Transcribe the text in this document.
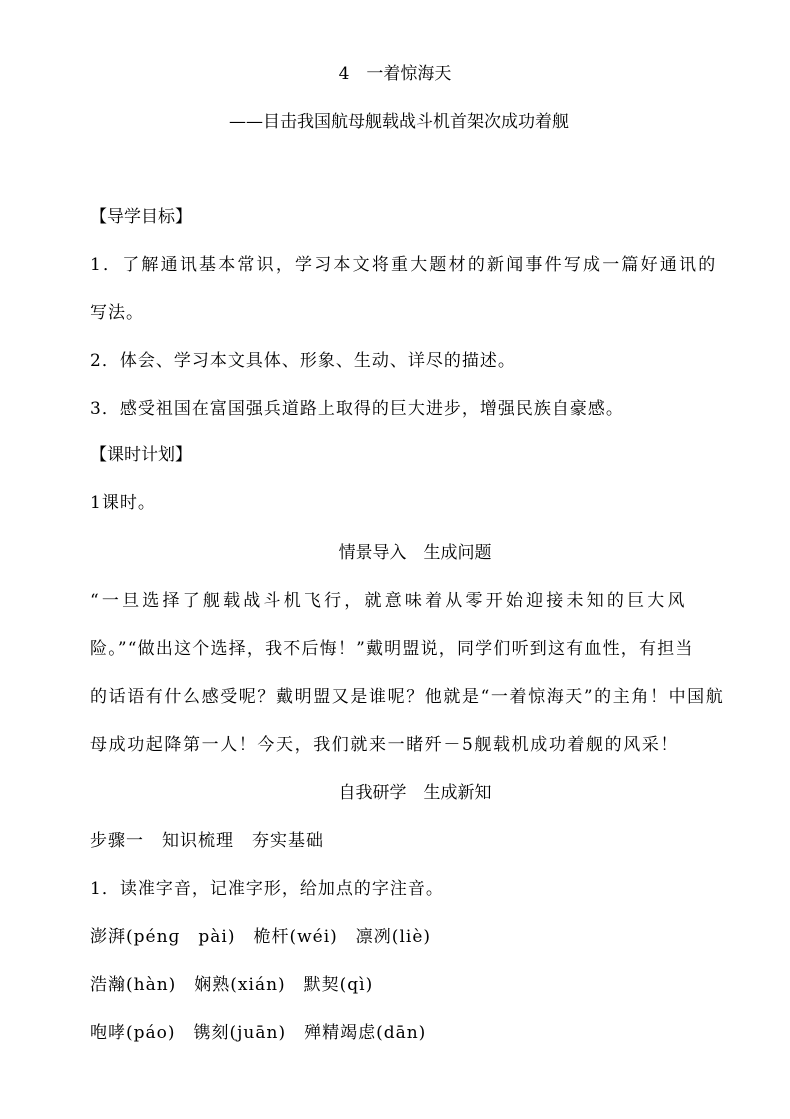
4　一着惊海天
——目击我国航母舰载战斗机首架次成功着舰
【导学目标】
1．了解通讯基本常识，学习本文将重大题材的新闻事件写成一篇好通讯的
写法。
2．体会、学习本文具体、形象、生动、详尽的描述。
3．感受祖国在富国强兵道路上取得的巨大进步，增强民族自豪感。
【课时计划】
1课时。
情景导入　生成问题
“一旦选择了舰载战斗机飞行，就意味着从零开始迎接未知的巨大风
险。”“做出这个选择，我不后悔！”戴明盟说，同学们听到这有血性，有担当
的话语有什么感受呢？戴明盟又是谁呢？他就是“一着惊海天”的主角！中国航
母成功起降第一人！今天，我们就来一睹歼－5舰载机成功着舰的风采！
自我研学　生成新知
步骤一　知识梳理　夯实基础
1．读准字音，记准字形，给加点的字注音。
澎湃(pénɡ　pài)　桅杆(wéi)　凛冽(liè)
浩瀚(hàn)　娴熟(xián)　默契(qì)
咆哮(páo)　镌刻(juān)　殚精竭虑(dān)
